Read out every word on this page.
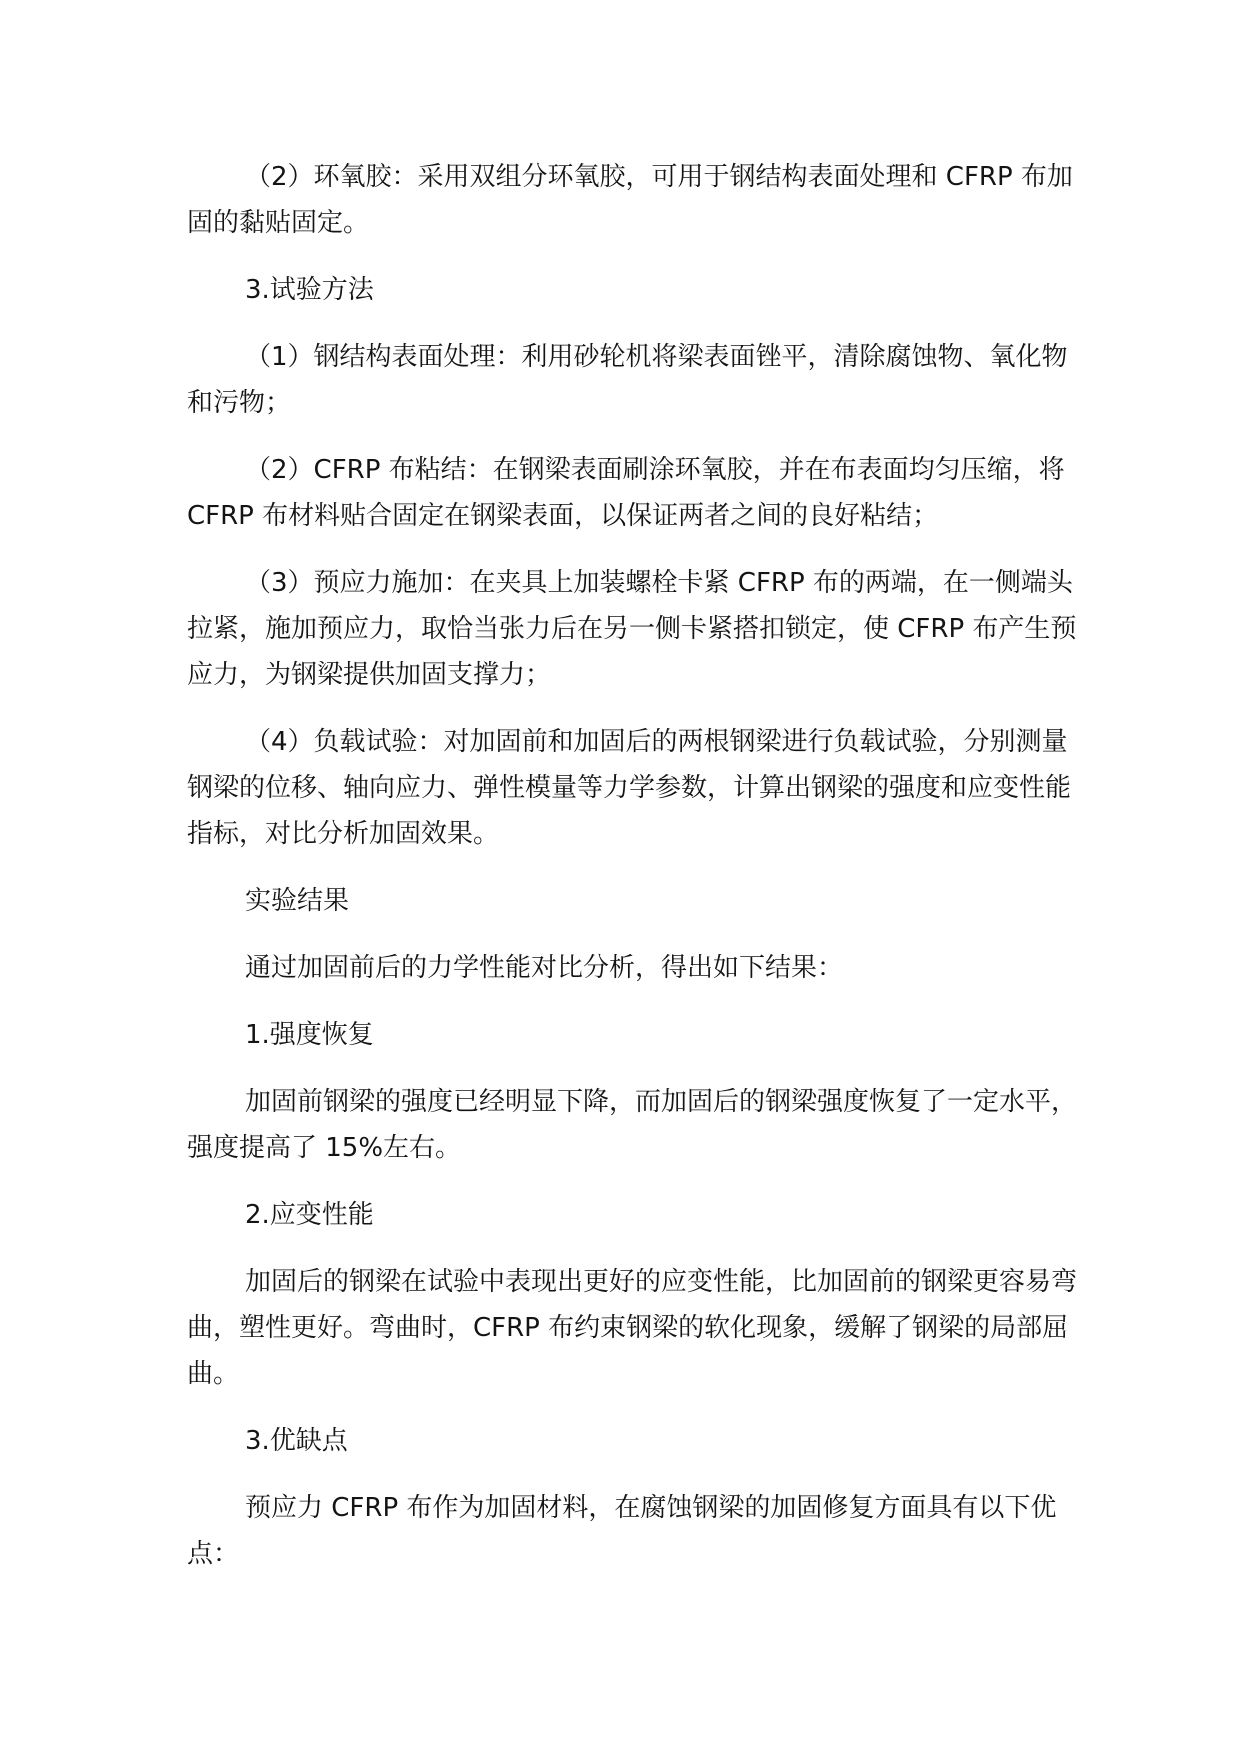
（2）环氧胶：采用双组分环氧胶，可用于钢结构表面处理和 CFRP 布加固的黏贴固定。

3.试验方法

（1）钢结构表面处理：利用砂轮机将梁表面锉平，清除腐蚀物、氧化物和污物；

（2）CFRP 布粘结：在钢梁表面刷涂环氧胶，并在布表面均匀压缩，将 CFRP 布材料贴合固定在钢梁表面，以保证两者之间的良好粘结；

（3）预应力施加：在夹具上加装螺栓卡紧 CFRP 布的两端，在一侧端头拉紧，施加预应力，取恰当张力后在另一侧卡紧搭扣锁定，使 CFRP 布产生预应力，为钢梁提供加固支撑力；

（4）负载试验：对加固前和加固后的两根钢梁进行负载试验，分别测量钢梁的位移、轴向应力、弹性模量等力学参数，计算出钢梁的强度和应变性能指标，对比分析加固效果。

实验结果

通过加固前后的力学性能对比分析，得出如下结果：

1.强度恢复

加固前钢梁的强度已经明显下降，而加固后的钢梁强度恢复了一定水平，强度提高了 15%左右。

2.应变性能

加固后的钢梁在试验中表现出更好的应变性能，比加固前的钢梁更容易弯曲，塑性更好。弯曲时，CFRP 布约束钢梁的软化现象，缓解了钢梁的局部屈曲。

3.优缺点

预应力 CFRP 布作为加固材料，在腐蚀钢梁的加固修复方面具有以下优点：
